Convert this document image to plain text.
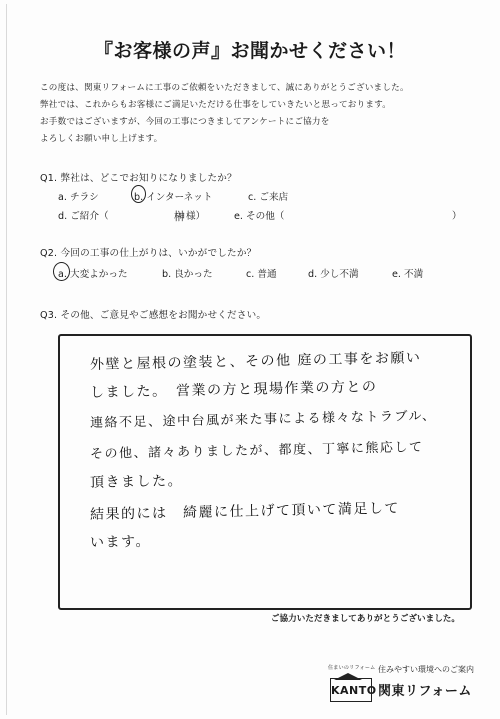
『お客様の声』お聞かせください！
この度は、関東リフォームに工事のご依頼をいただきまして、誠にありがとうございました。
弊社では、これからもお客様にご満足いただける仕事をしていきたいと思っております。
お手数ではございますが、今回の工事につきましてアンケートにご協力を
よろしくお願い申し上げます。
Q1. 弊社は、どこでお知りになりましたか？
a. チラシ	b. インターネット	c. ご来店
d. ご紹介（	榊 様）	e. その他（	）
Q2. 今回の工事の仕上がりは、いかがでしたか？
a. 大変よかった	b. 良かった	c. 普通	d. 少し不満	e. 不満
Q3. その他、ご意見やご感想をお聞かせください。
外壁と屋根の塗装と、その他 庭の工事をお願い
しました。　営業の方と現場作業の方との
連絡不足、途中台風が来た事による様々なトラブル、
その他、諸々ありましたが、都度、丁寧に熊応して
頂きました。
結果的には　綺麗に仕上げて頂いて満足して
います。
ご協力いただきましてありがとうございました。
住まいのリフォーム
KANTO
住みやすい環境へのご案内
関東リフォーム
